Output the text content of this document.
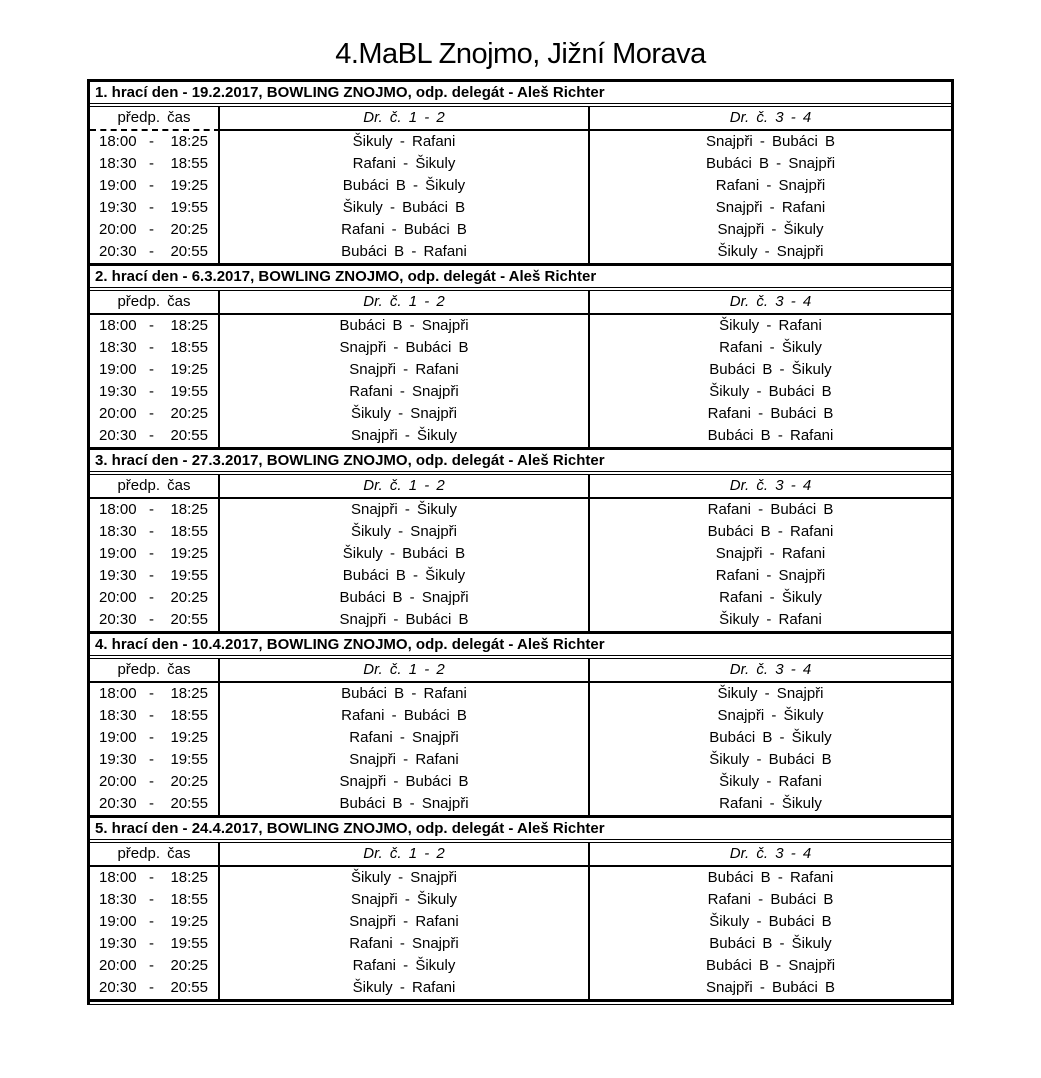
4.MaBL Znojmo, Jižní Morava
1. hrací den - 19.2.2017, BOWLING ZNOJMO, odp. delegát - Aleš Richter
předp. čas	Dr. č. 1 - 2	Dr. č. 3 - 4
18:00 - 18:25	Šikuly - Rafani	Snajpři - Bubáci B
18:30 - 18:55	Rafani - Šikuly	Bubáci B - Snajpři
19:00 - 19:25	Bubáci B - Šikuly	Rafani - Snajpři
19:30 - 19:55	Šikuly - Bubáci B	Snajpři - Rafani
20:00 - 20:25	Rafani - Bubáci B	Snajpři - Šikuly
20:30 - 20:55	Bubáci B - Rafani	Šikuly - Snajpři
2. hrací den - 6.3.2017, BOWLING ZNOJMO, odp. delegát - Aleš Richter
předp. čas	Dr. č. 1 - 2	Dr. č. 3 - 4
18:00 - 18:25	Bubáci B - Snajpři	Šikuly - Rafani
18:30 - 18:55	Snajpři - Bubáci B	Rafani - Šikuly
19:00 - 19:25	Snajpři - Rafani	Bubáci B - Šikuly
19:30 - 19:55	Rafani - Snajpři	Šikuly - Bubáci B
20:00 - 20:25	Šikuly - Snajpři	Rafani - Bubáci B
20:30 - 20:55	Snajpři - Šikuly	Bubáci B - Rafani
3. hrací den - 27.3.2017, BOWLING ZNOJMO, odp. delegát - Aleš Richter
předp. čas	Dr. č. 1 - 2	Dr. č. 3 - 4
18:00 - 18:25	Snajpři - Šikuly	Rafani - Bubáci B
18:30 - 18:55	Šikuly - Snajpři	Bubáci B - Rafani
19:00 - 19:25	Šikuly - Bubáci B	Snajpři - Rafani
19:30 - 19:55	Bubáci B - Šikuly	Rafani - Snajpři
20:00 - 20:25	Bubáci B - Snajpři	Rafani - Šikuly
20:30 - 20:55	Snajpři - Bubáci B	Šikuly - Rafani
4. hrací den - 10.4.2017, BOWLING ZNOJMO, odp. delegát - Aleš Richter
předp. čas	Dr. č. 1 - 2	Dr. č. 3 - 4
18:00 - 18:25	Bubáci B - Rafani	Šikuly - Snajpři
18:30 - 18:55	Rafani - Bubáci B	Snajpři - Šikuly
19:00 - 19:25	Rafani - Snajpři	Bubáci B - Šikuly
19:30 - 19:55	Snajpři - Rafani	Šikuly - Bubáci B
20:00 - 20:25	Snajpři - Bubáci B	Šikuly - Rafani
20:30 - 20:55	Bubáci B - Snajpři	Rafani - Šikuly
5. hrací den - 24.4.2017, BOWLING ZNOJMO, odp. delegát - Aleš Richter
předp. čas	Dr. č. 1 - 2	Dr. č. 3 - 4
18:00 - 18:25	Šikuly - Snajpři	Bubáci B - Rafani
18:30 - 18:55	Snajpři - Šikuly	Rafani - Bubáci B
19:00 - 19:25	Snajpři - Rafani	Šikuly - Bubáci B
19:30 - 19:55	Rafani - Snajpři	Bubáci B - Šikuly
20:00 - 20:25	Rafani - Šikuly	Bubáci B - Snajpři
20:30 - 20:55	Šikuly - Rafani	Snajpři - Bubáci B
